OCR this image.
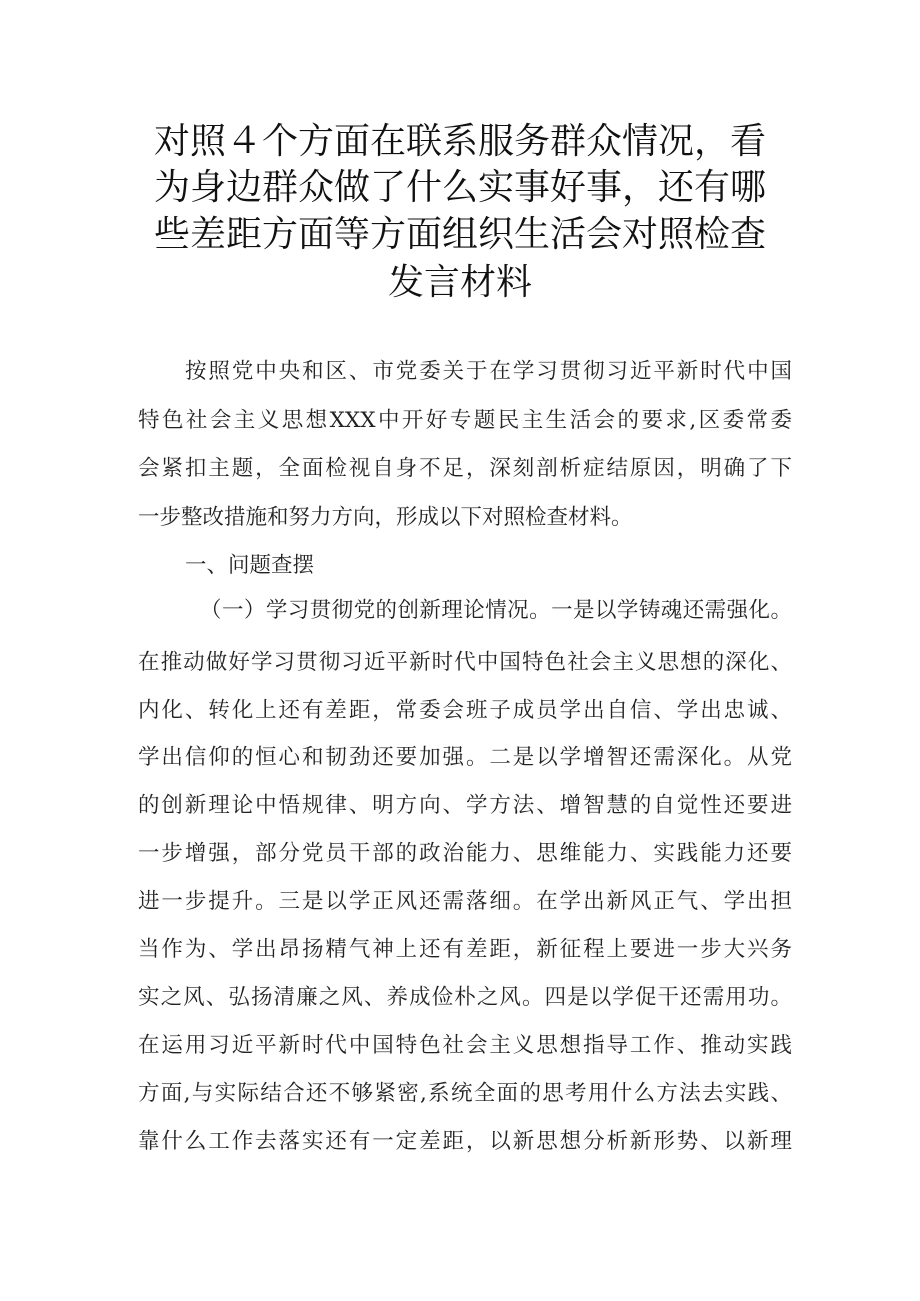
对照４个方面在联系服务群众情况，看
为身边群众做了什么实事好事，还有哪
些差距方面等方面组织生活会对照检查
发言材料
按照党中央和区、市党委关于在学习贯彻习近平新时代中国
特色社会主义思想XXX中开好专题民主生活会的要求,区委常委
会紧扣主题，全面检视自身不足，深刻剖析症结原因，明确了下
一步整改措施和努力方向，形成以下对照检查材料。
一、问题查摆
（一）学习贯彻党的创新理论情况。一是以学铸魂还需强化。
在推动做好学习贯彻习近平新时代中国特色社会主义思想的深化、
内化、转化上还有差距，常委会班子成员学出自信、学出忠诚、
学出信仰的恒心和韧劲还要加强。二是以学增智还需深化。从党
的创新理论中悟规律、明方向、学方法、增智慧的自觉性还要进
一步增强，部分党员干部的政治能力、思维能力、实践能力还要
进一步提升。三是以学正风还需落细。在学出新风正气、学出担
当作为、学出昂扬精气神上还有差距，新征程上要进一步大兴务
实之风、弘扬清廉之风、养成俭朴之风。四是以学促干还需用功。
在运用习近平新时代中国特色社会主义思想指导工作、推动实践
方面,与实际结合还不够紧密,系统全面的思考用什么方法去实践、
靠什么工作去落实还有一定差距，以新思想分析新形势、以新理
